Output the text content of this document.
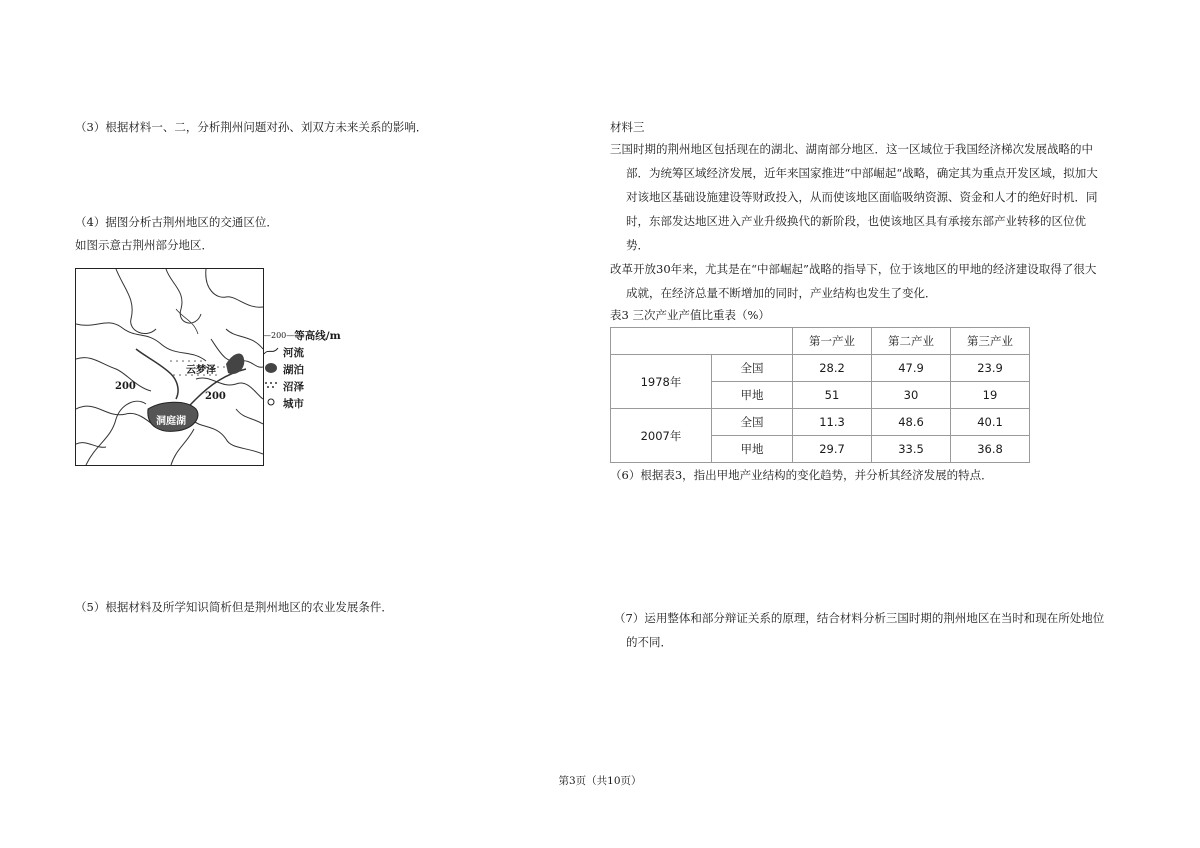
（3）根据材料一、二，分析荆州问题对孙、刘双方未来关系的影响．
（4）据图分析古荆州地区的交通区位．
如图示意古荆州部分地区．
云梦泽
洞庭湖
200
200
—200— 等高线/m
河流
湖泊
沼泽
城市
（5）根据材料及所学知识简析但是荆州地区的农业发展条件．
材料三
三国时期的荆州地区包括现在的湖北、湖南部分地区．这一区域位于我国经济梯次发展战略的中
部．为统筹区域经济发展，近年来国家推进“中部崛起“战略，确定其为重点开发区域，拟加大
对该地区基础设施建设等财政投入，从而使该地区面临吸纳资源、资金和人才的绝好时机．同
时，东部发达地区进入产业升级换代的新阶段，也使该地区具有承接东部产业转移的区位优
势．
改革开放30年来，尤其是在“中部崛起”战略的指导下，位于该地区的甲地的经济建设取得了很大
成就，在经济总量不断增加的同时，产业结构也发生了变化．
表3 三次产业产值比重表（%）
		第一产业	第二产业	第三产业
1978年	全国	28.2	47.9	23.9
	甲地	51	30	19
2007年	全国	11.3	48.6	40.1
	甲地	29.7	33.5	36.8
（6）根据表3，指出甲地产业结构的变化趋势，并分析其经济发展的特点．
（7）运用整体和部分辩证关系的原理，结合材料分析三国时期的荆州地区在当时和现在所处地位
的不同．
第3页（共10页）
